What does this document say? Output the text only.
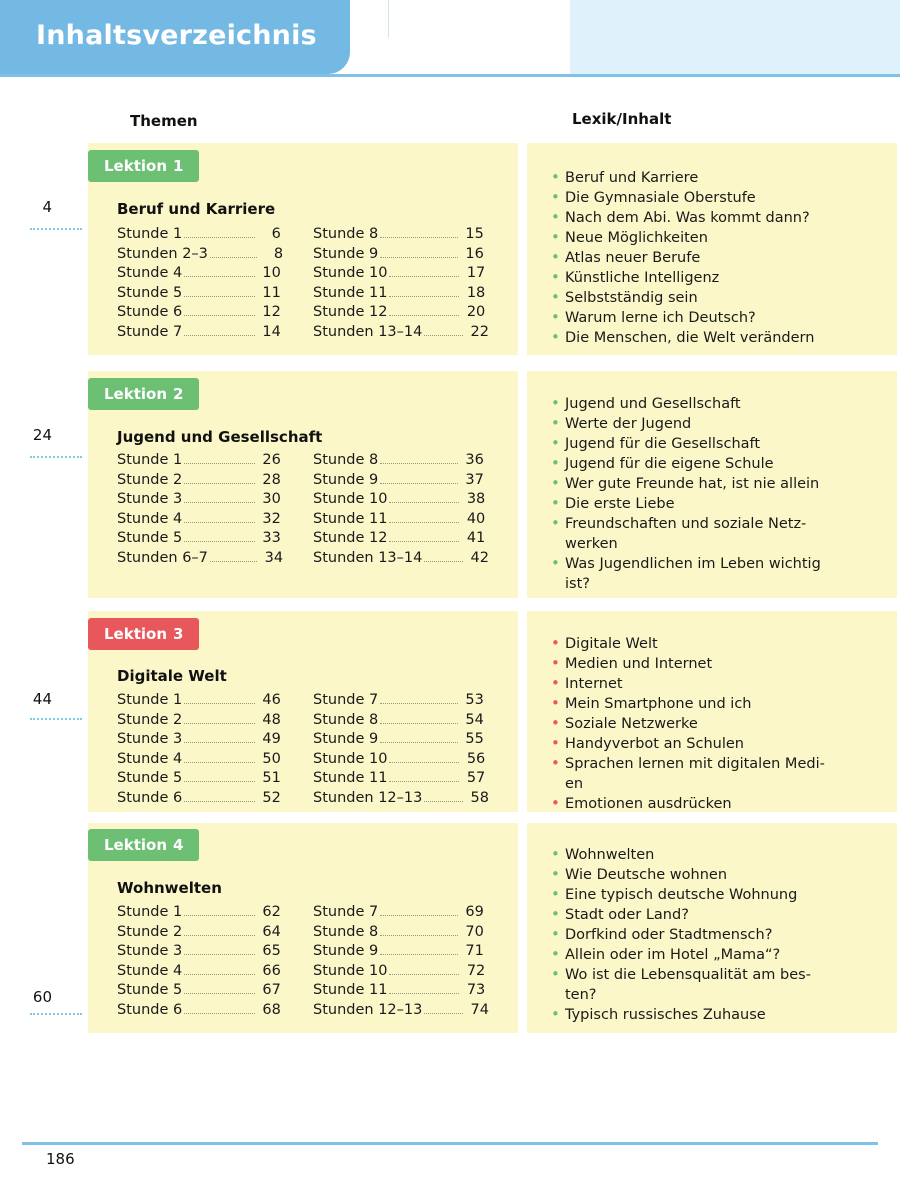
Inhaltsverzeichnis
Themen	Lexik/Inhalt
Lektion 1
Beruf und Karriere
Stunde 1	6
Stunden 2–3	8
Stunde 4	10
Stunde 5	11
Stunde 6	12
Stunde 7	14
Stunde 8	15
Stunde 9	16
Stunde 10	17
Stunde 11	18
Stunde 12	20
Stunden 13–14	22
• Beruf und Karriere
• Die Gymnasiale Oberstufe
• Nach dem Abi. Was kommt dann?
• Neue Möglichkeiten
• Atlas neuer Berufe
• Künstliche Intelligenz
• Selbstständig sein
• Warum lerne ich Deutsch?
• Die Menschen, die Welt verändern
Lektion 2
Jugend und Gesellschaft
Stunde 1	26
Stunde 2	28
Stunde 3	30
Stunde 4	32
Stunde 5	33
Stunden 6–7	34
Stunde 8	36
Stunde 9	37
Stunde 10	38
Stunde 11	40
Stunde 12	41
Stunden 13–14	42
• Jugend und Gesellschaft
• Werte der Jugend
• Jugend für die Gesellschaft
• Jugend für die eigene Schule
• Wer gute Freunde hat, ist nie allein
• Die erste Liebe
• Freundschaften und soziale Netz-
werken
• Was Jugendlichen im Leben wichtig
ist?
Lektion 3
Digitale Welt
Stunde 1	46
Stunde 2	48
Stunde 3	49
Stunde 4	50
Stunde 5	51
Stunde 6	52
Stunde 7	53
Stunde 8	54
Stunde 9	55
Stunde 10	56
Stunde 11	57
Stunden 12–13	58
• Digitale Welt
• Medien und Internet
• Internet
• Mein Smartphone und ich
• Soziale Netzwerke
• Handyverbot an Schulen
• Sprachen lernen mit digitalen Medi-
en
• Emotionen ausdrücken
Lektion 4
Wohnwelten
Stunde 1	62
Stunde 2	64
Stunde 3	65
Stunde 4	66
Stunde 5	67
Stunde 6	68
Stunde 7	69
Stunde 8	70
Stunde 9	71
Stunde 10	72
Stunde 11	73
Stunden 12–13	74
• Wohnwelten
• Wie Deutsche wohnen
• Eine typisch deutsche Wohnung
• Stadt oder Land?
• Dorfkind oder Stadtmensch?
• Allein oder im Hotel „Mama“?
• Wo ist die Lebensqualität am bes-
ten?
• Typisch russisches Zuhause
186
4
24
44
60
